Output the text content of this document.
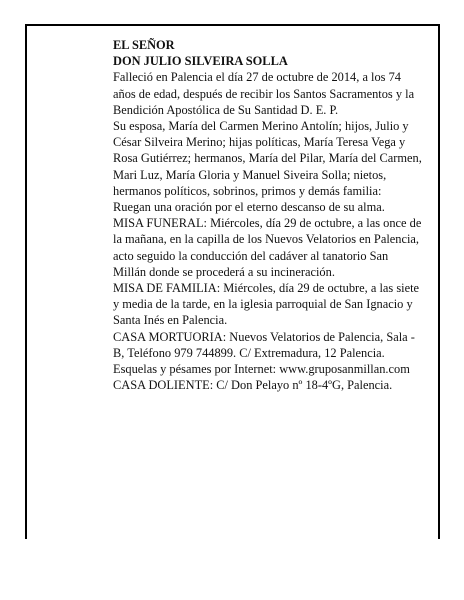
EL SEÑOR

DON JULIO SILVEIRA SOLLA

Falleció en Palencia el día 27 de octubre de 2014, a los 74 años de edad, después de recibir los Santos Sacramentos y la Bendición Apostólica de Su Santidad D. E. P.

Su esposa, María del Carmen Merino Antolín; hijos, Julio y César Silveira Merino; hijas políticas, María Teresa Vega y Rosa Gutiérrez; hermanos, María del Pilar, María del Carmen, Mari Luz, María Gloria y Manuel Siveira Solla; nietos, hermanos políticos, sobrinos, primos y demás familia:

Ruegan una oración por el eterno descanso de su alma.

MISA FUNERAL: Miércoles, día 29 de octubre, a las once de la mañana, en la capilla de los Nuevos Velatorios en Palencia, acto seguido la conducción del cadáver al tanatorio San Millán donde se procederá a su incineración.

MISA DE FAMILIA: Miércoles, día 29 de octubre, a las siete y media de la tarde, en la iglesia parroquial de San Ignacio y Santa Inés en Palencia.

CASA MORTUORIA: Nuevos Velatorios de Palencia, Sala - B, Teléfono 979 744899. C/ Extremadura, 12 Palencia.

Esquelas y pésames por Internet: www.gruposanmillan.com

CASA DOLIENTE: C/ Don Pelayo nº 18-4ºG, Palencia.
